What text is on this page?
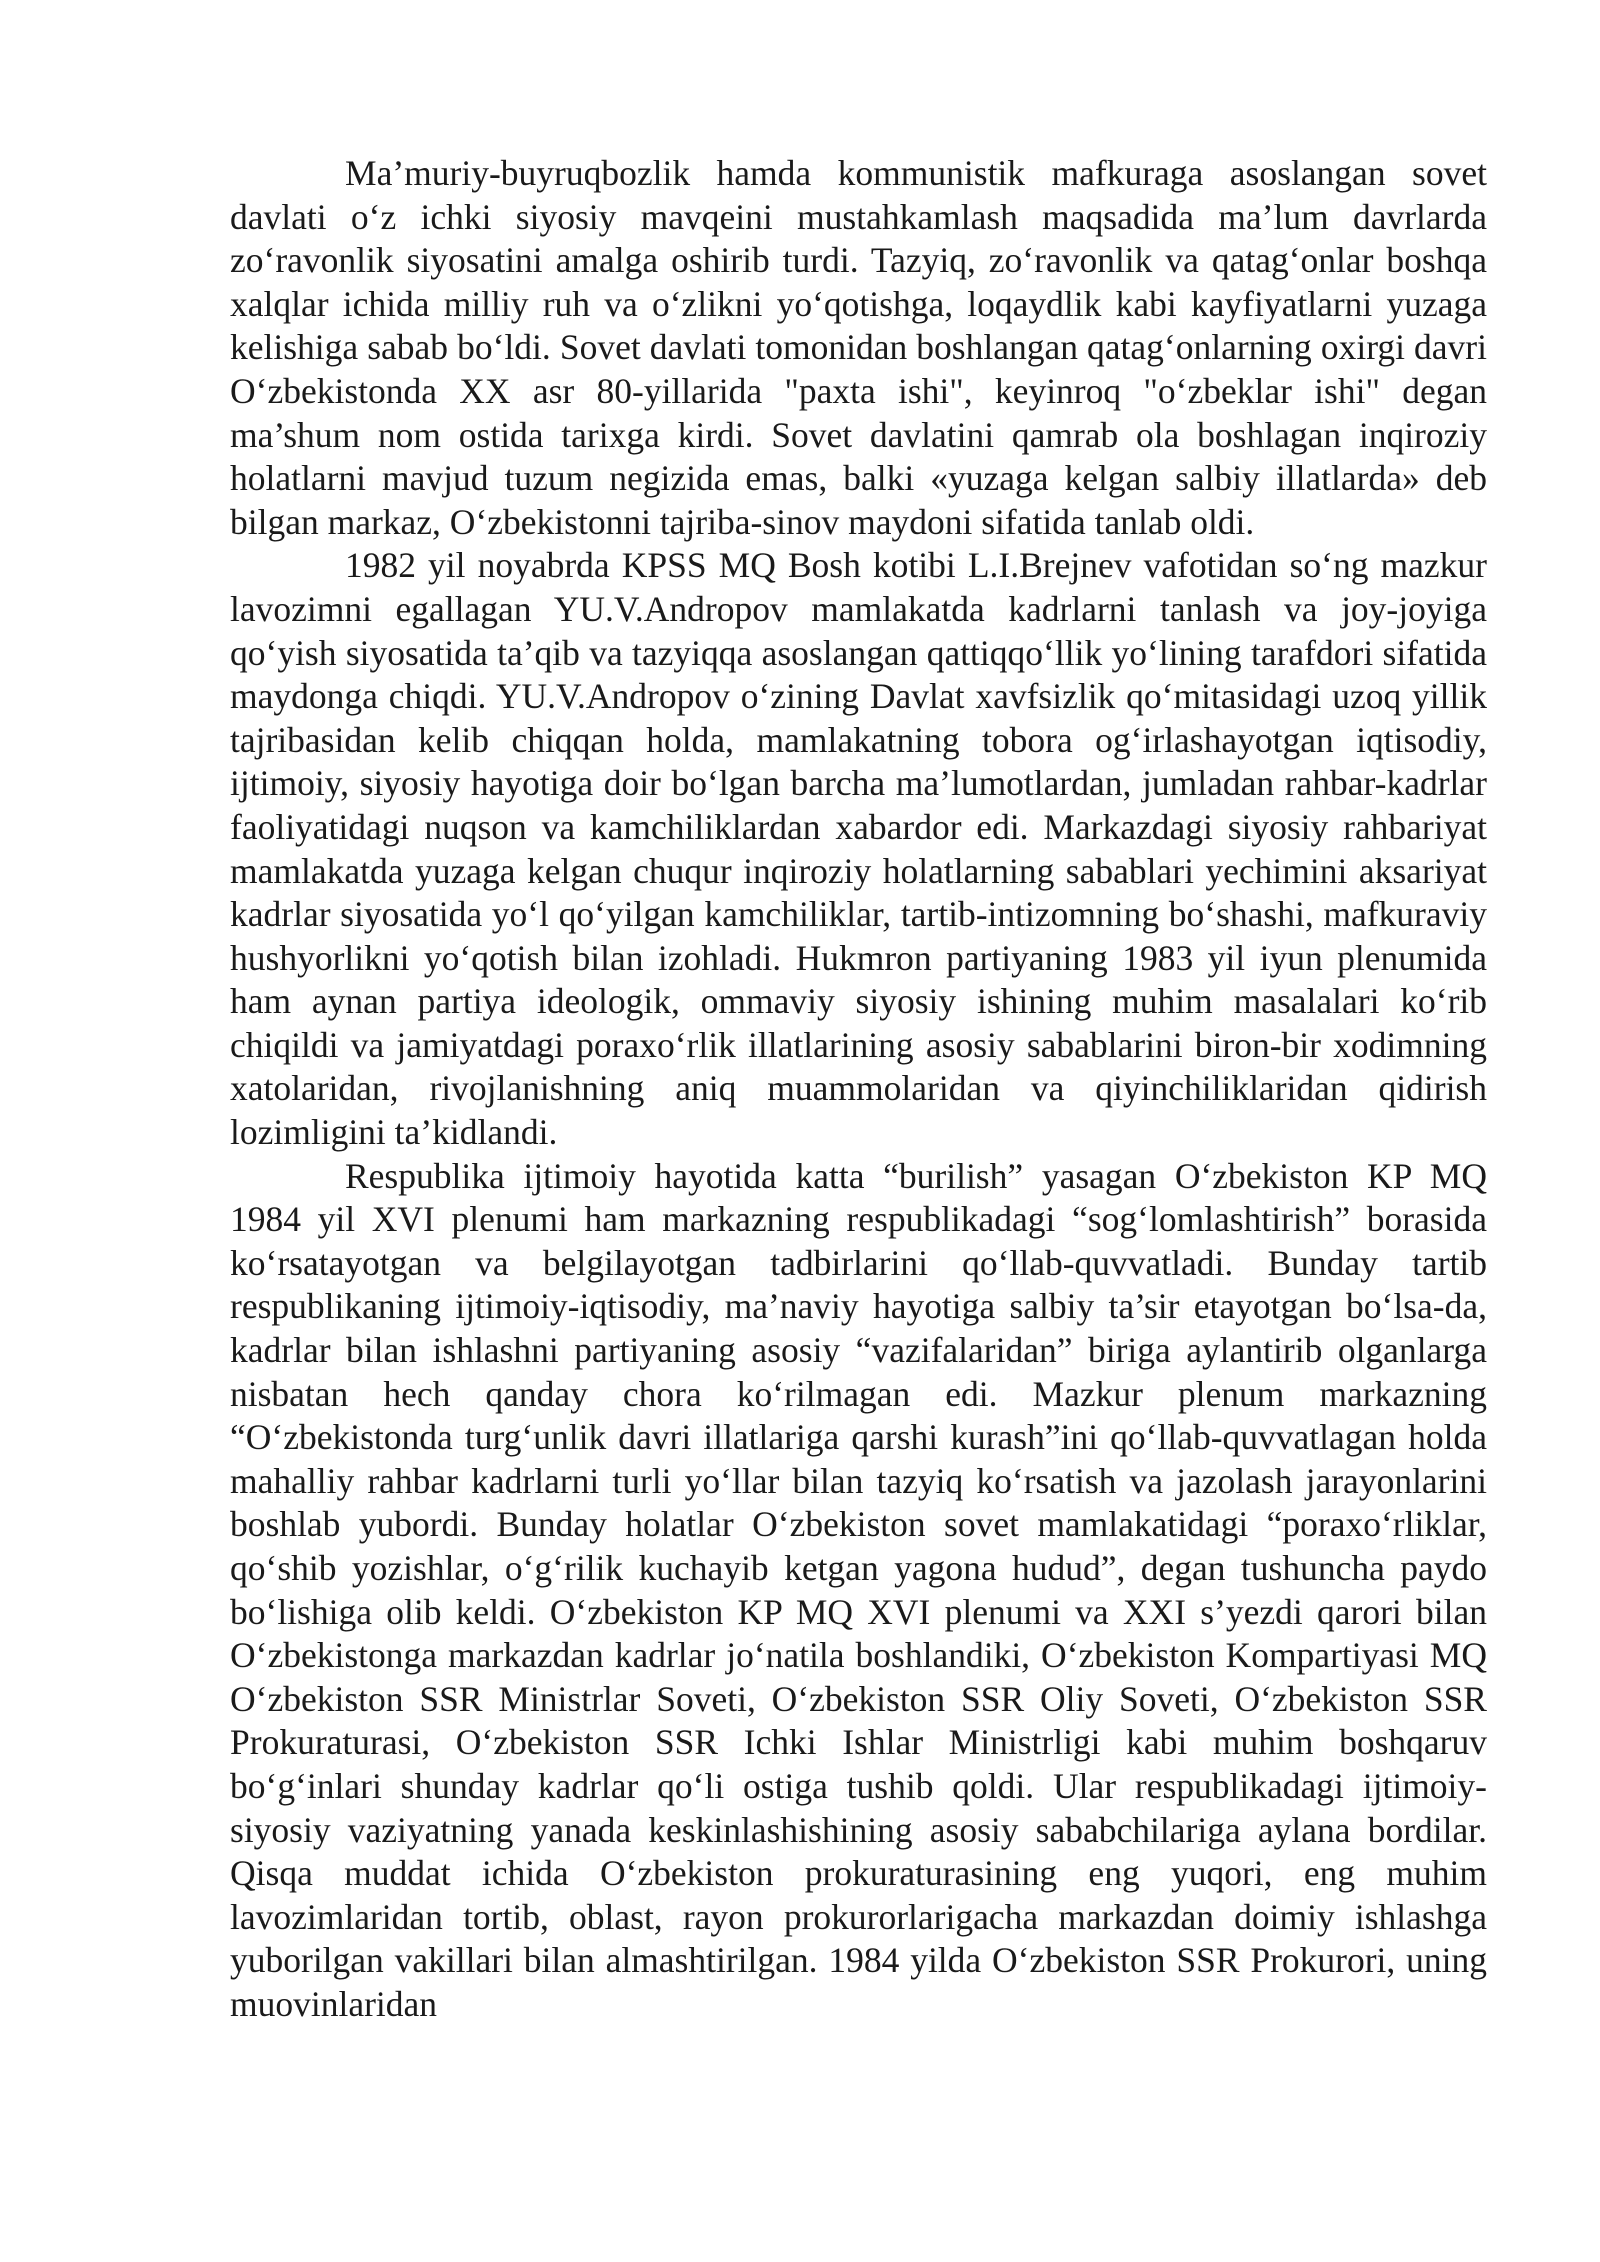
Ma’muriy-buyruqbozlik hamda kommunistik mafkuraga asoslangan sovet davlati o‘z ichki siyosiy mavqeini mustahkamlash maqsadida ma’lum davrlarda zo‘ravonlik siyosatini amalga oshirib turdi. Tazyiq, zo‘ravonlik va qatag‘onlar boshqa xalqlar ichida milliy ruh va o‘zlikni yo‘qotishga, loqaydlik kabi kayfiyatlarni yuzaga kelishiga sabab bo‘ldi. Sovet davlati tomonidan boshlangan qatag‘onlarning oxirgi davri O‘zbekistonda XX asr 80-yillarida "paxta ishi", keyinroq "o‘zbeklar ishi" degan ma’shum nom ostida tarixga kirdi. Sovet davlatini qamrab ola boshlagan inqiroziy holatlarni mavjud tuzum negizida emas, balki «yuzaga kelgan salbiy illatlarda» deb bilgan markaz, O‘zbekistonni tajriba-sinov maydoni sifatida tanlab oldi.

1982 yil noyabrda KPSS MQ Bosh kotibi L.I.Brejnev vafotidan so‘ng mazkur lavozimni egallagan YU.V.Andropov mamlakatda kadrlarni tanlash va joy-joyiga qo‘yish siyosatida ta’qib va tazyiqqa asoslangan qattiqqo‘llik yo‘lining tarafdori sifatida maydonga chiqdi. YU.V.Andropov o‘zining Davlat xavfsizlik qo‘mitasidagi uzoq yillik tajribasidan kelib chiqqan holda, mamlakatning tobora og‘irlashayotgan iqtisodiy, ijtimoiy, siyosiy hayotiga doir bo‘lgan barcha ma’lumotlardan, jumladan rahbar-kadrlar faoliyatidagi nuqson va kamchiliklardan xabardor edi. Markazdagi siyosiy rahbariyat mamlakatda yuzaga kelgan chuqur inqiroziy holatlarning sabablari yechimini aksariyat kadrlar siyosatida yo‘l qo‘yilgan kamchiliklar, tartib-intizomning bo‘shashi, mafkuraviy hushyorlikni yo‘qotish bilan izohladi. Hukmron partiyaning 1983 yil iyun plenumida ham aynan partiya ideologik, ommaviy siyosiy ishining muhim masalalari ko‘rib chiqildi va jamiyatdagi poraxo‘rlik illatlarining asosiy sabablarini biron-bir xodimning xatolaridan, rivojlanishning aniq muammolaridan va qiyinchiliklaridan qidirish lozimligini ta’kidlandi.

Respublika ijtimoiy hayotida katta “burilish” yasagan O‘zbekiston KP MQ 1984 yil XVI plenumi ham markazning respublikadagi “sog‘lomlashtirish” borasida ko‘rsatayotgan va belgilayotgan tadbirlarini qo‘llab-quvvatladi. Bunday tartib respublikaning ijtimoiy-iqtisodiy, ma’naviy hayotiga salbiy ta’sir etayotgan bo‘lsa-da, kadrlar bilan ishlashni partiyaning asosiy “vazifalaridan” biriga aylantirib olganlarga nisbatan hech qanday chora ko‘rilmagan edi. Mazkur plenum markazning “O‘zbekistonda turg‘unlik davri illatlariga qarshi kurash”ini qo‘llab-quvvatlagan holda mahalliy rahbar kadrlarni turli yo‘llar bilan tazyiq ko‘rsatish va jazolash jarayonlarini boshlab yubordi. Bunday holatlar O‘zbekiston sovet mamlakatidagi “poraxo‘rliklar, qo‘shib yozishlar, o‘g‘rilik kuchayib ketgan yagona hudud”, degan tushuncha paydo bo‘lishiga olib keldi. O‘zbekiston KP MQ XVI plenumi va XXI s’yezdi qarori bilan O‘zbekistonga markazdan kadrlar jo‘natila boshlandiki, O‘zbekiston Kompartiyasi MQ O‘zbekiston SSR Ministrlar Soveti, O‘zbekiston SSR Oliy Soveti, O‘zbekiston SSR Prokuraturasi, O‘zbekiston SSR Ichki Ishlar Ministrligi kabi muhim boshqaruv bo‘g‘inlari shunday kadrlar qo‘li ostiga tushib qoldi. Ular respublikadagi ijtimoiy-siyosiy vaziyatning yanada keskinlashishining asosiy sababchilariga aylana bordilar. Qisqa muddat ichida O‘zbekiston prokuraturasining eng yuqori, eng muhim lavozimlaridan tortib, oblast, rayon prokurorlarigacha markazdan doimiy ishlashga yuborilgan vakillari bilan almashtirilgan. 1984 yilda O‘zbekiston SSR Prokurori, uning muovinlaridan
